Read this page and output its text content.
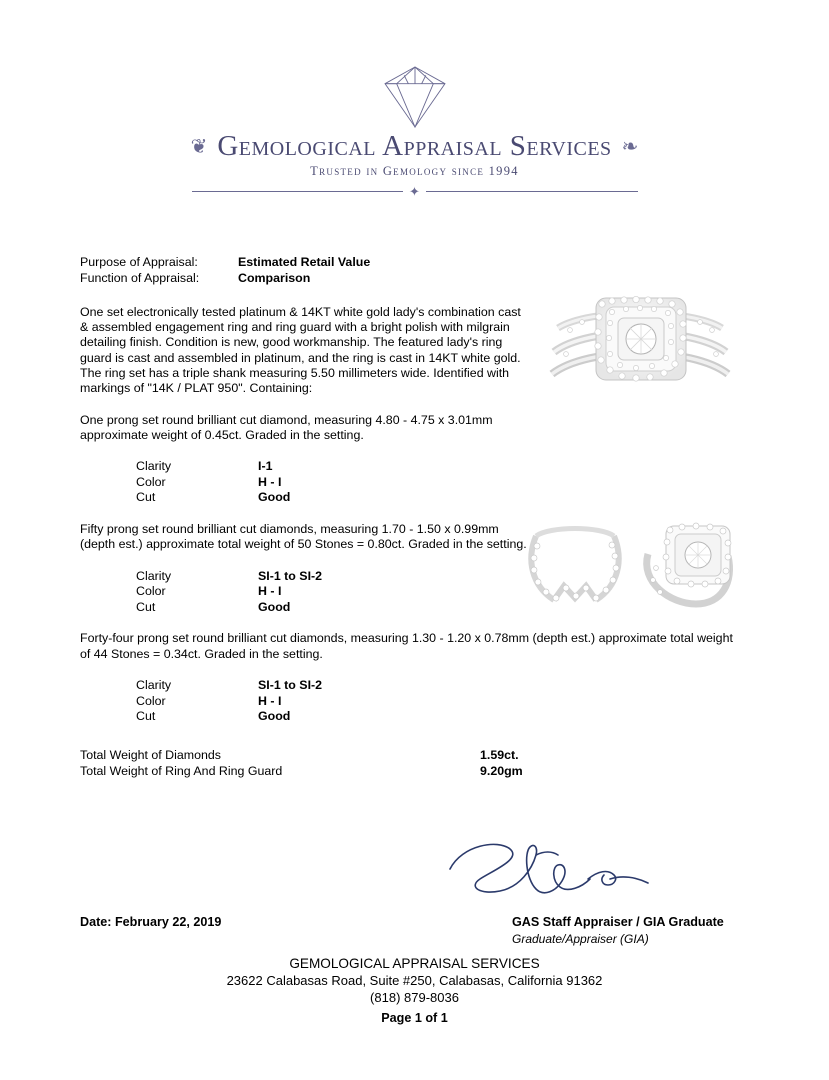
❦ Gemological Appraisal Services ❧
Trusted in Gemology since 1994
✦
Purpose of Appraisal:	Estimated Retail Value
Function of Appraisal:	Comparison
One set electronically tested platinum & 14KT white gold lady's combination cast & assembled engagement ring and ring guard with a bright polish with milgrain detailing finish. Condition is new, good workmanship. The featured lady's ring guard is cast and assembled in platinum, and the ring is cast in 14KT white gold. The ring set has a triple shank measuring 5.50 millimeters wide. Identified with markings of "14K / PLAT 950". Containing:
One prong set round brilliant cut diamond, measuring 4.80 - 4.75 x 3.01mm approximate weight of 0.45ct. Graded in the setting.
Clarity	I-1
Color	H - I
Cut	Good
Fifty prong set round brilliant cut diamonds, measuring 1.70 - 1.50 x 0.99mm (depth est.) approximate total weight of 50 Stones = 0.80ct. Graded in the setting.
Clarity	SI-1 to SI-2
Color	H - I
Cut	Good
Forty-four prong set round brilliant cut diamonds, measuring 1.30 - 1.20 x 0.78mm (depth est.) approximate total weight of 44 Stones = 0.34ct. Graded in the setting.
Clarity	SI-1 to SI-2
Color	H - I
Cut	Good
Total Weight of Diamonds	1.59ct.
Total Weight of Ring And Ring Guard	9.20gm
Date: February 22, 2019	GAS Staff Appraiser / GIA Graduate
Graduate/Appraiser (GIA)
GEMOLOGICAL APPRAISAL SERVICES
23622 Calabasas Road, Suite #250, Calabasas, California 91362
(818) 879-8036
Page 1 of 1
